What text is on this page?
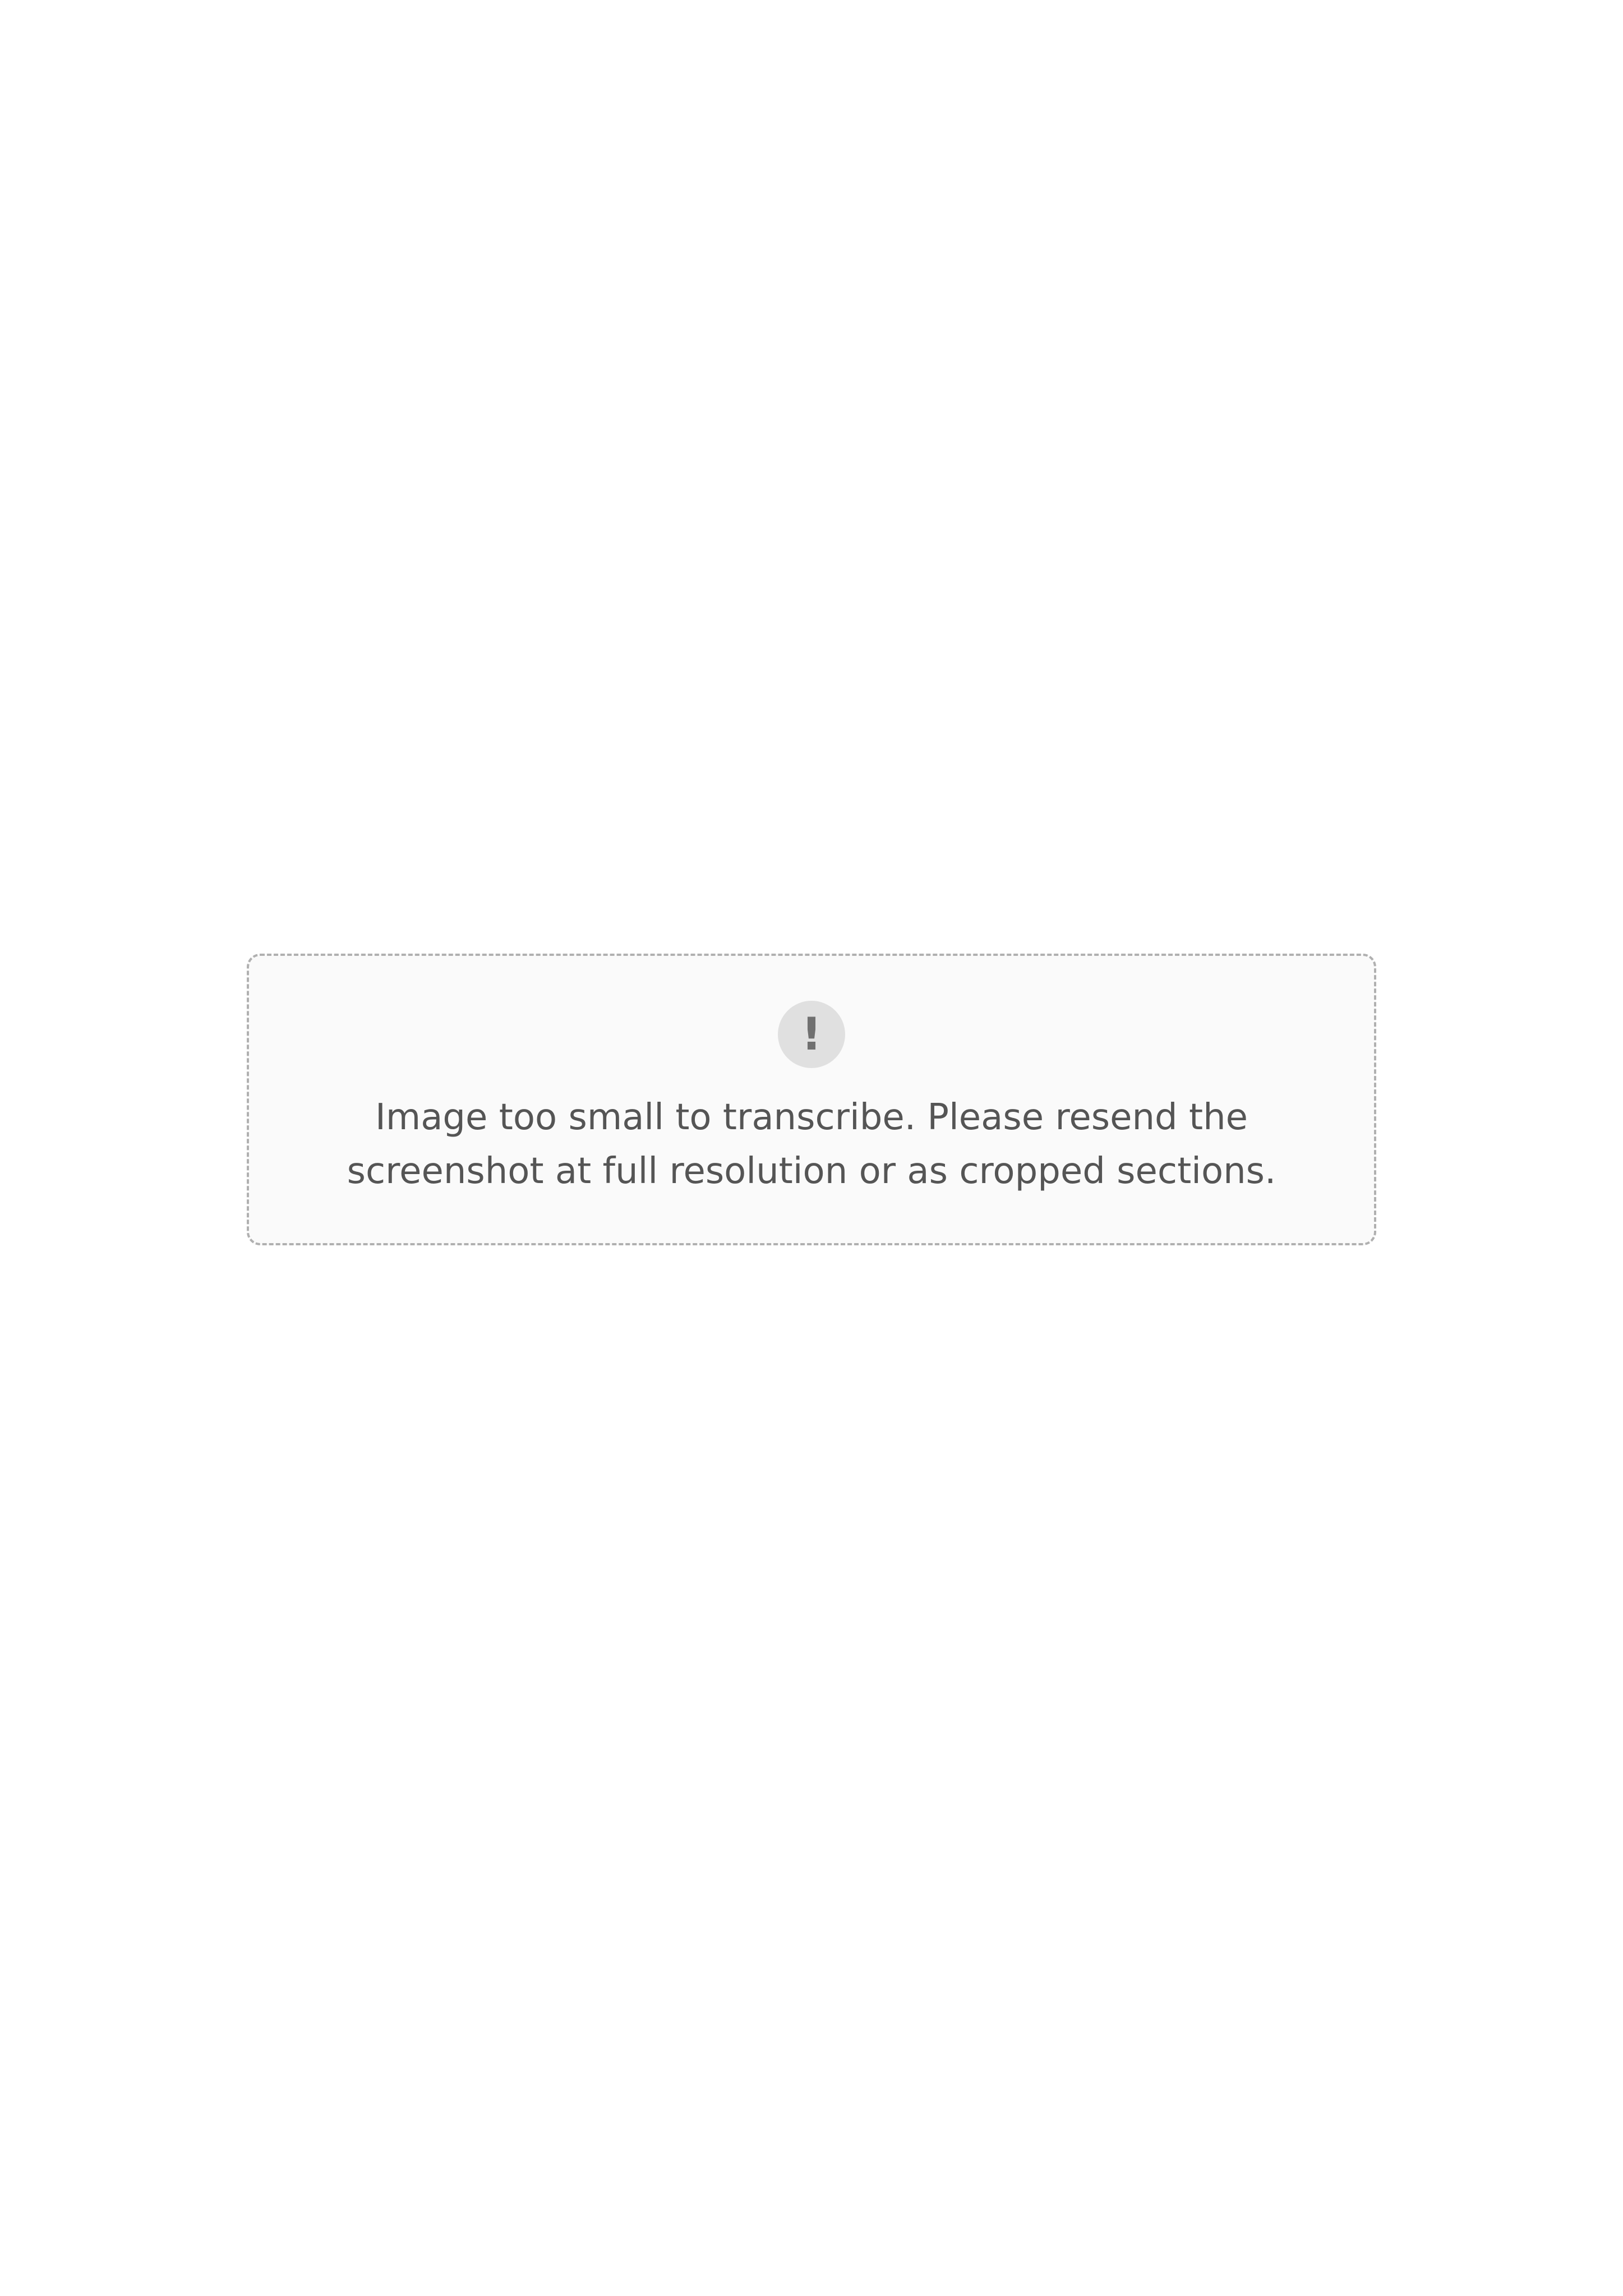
!
Image too small to transcribe. Please resend the screenshot at full resolution or as cropped sections.
